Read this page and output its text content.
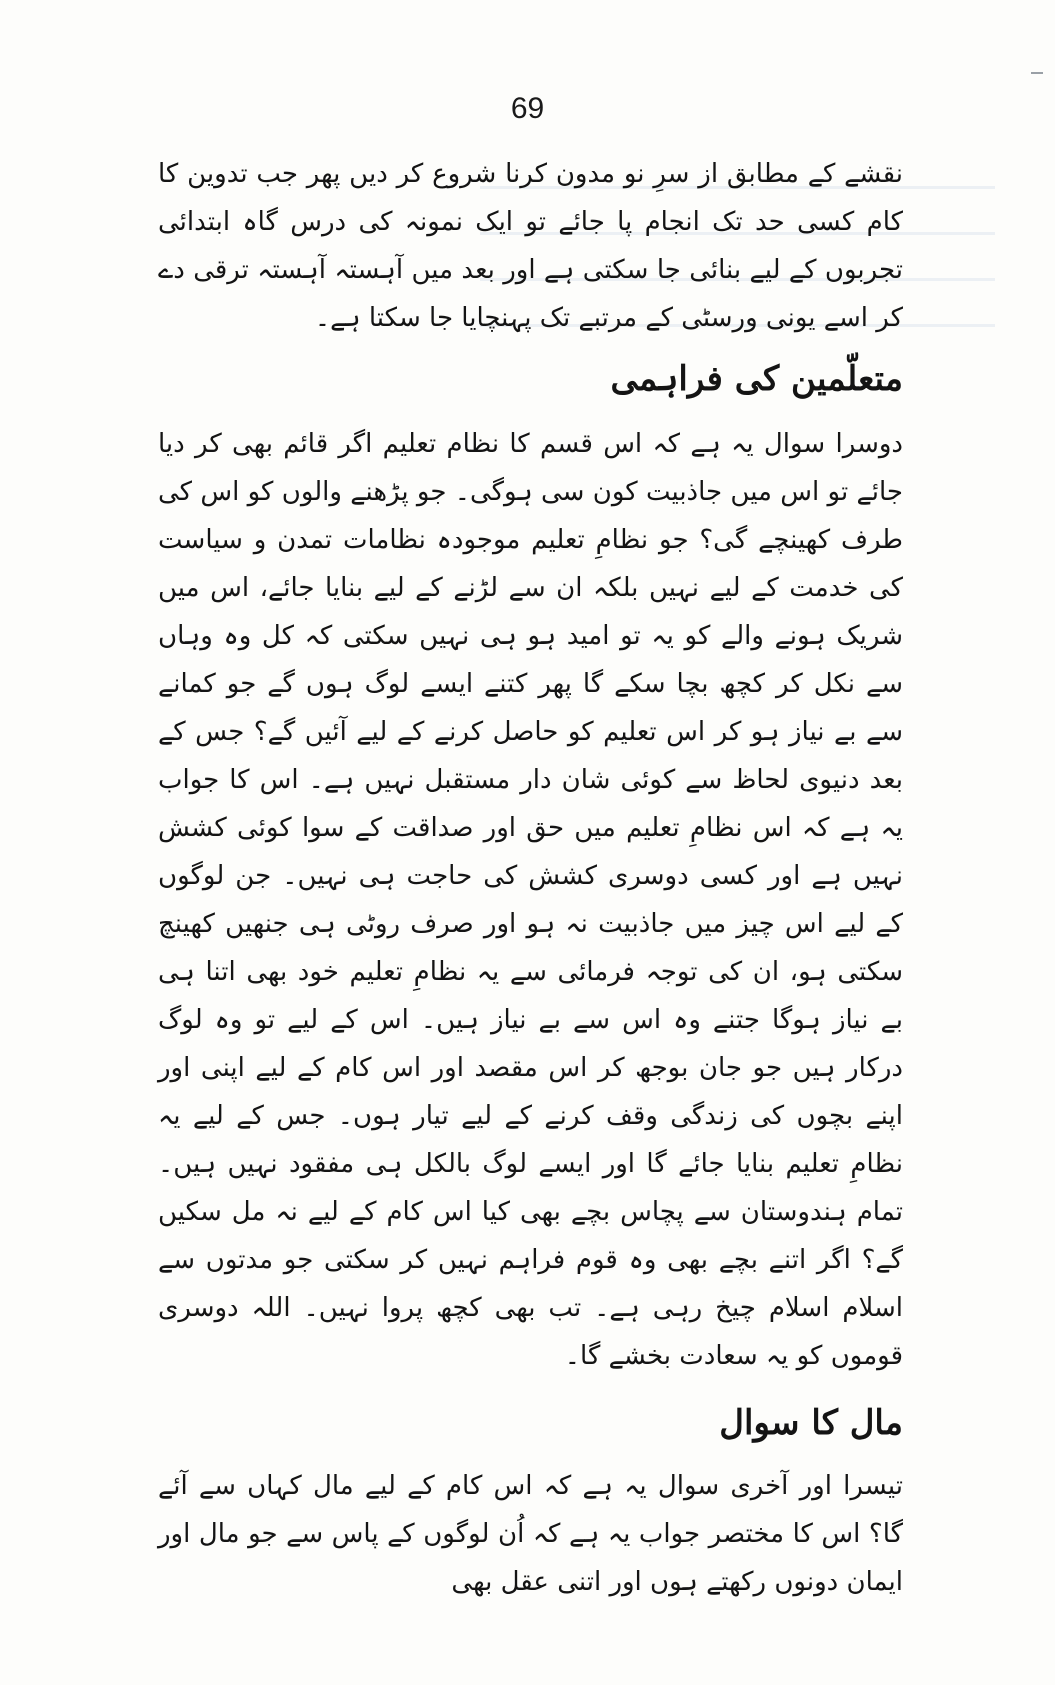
69

نقشے کے مطابق از سرِ نو مدون کرنا شروع کر دیں پھر جب تدوین کا کام کسی حد تک انجام پا جائے تو ایک نمونہ کی درس گاہ ابتدائی تجربوں کے لیے بنائی جا سکتی ہے اور بعد میں آہستہ آہستہ ترقی دے کر اسے یونی ورسٹی کے مرتبے تک پہنچایا جا سکتا ہے۔

متعلّمین کی فراہمی

دوسرا سوال یہ ہے کہ اس قسم کا نظام تعلیم اگر قائم بھی کر دیا جائے تو اس میں جاذبیت کون سی ہوگی۔ جو پڑھنے والوں کو اس کی طرف کھینچے گی؟ جو نظامِ تعلیم موجودہ نظامات تمدن و سیاست کی خدمت کے لیے نہیں بلکہ ان سے لڑنے کے لیے بنایا جائے، اس میں شریک ہونے والے کو یہ تو امید ہو ہی نہیں سکتی کہ کل وہ وہاں سے نکل کر کچھ بچا سکے گا پھر کتنے ایسے لوگ ہوں گے جو کمانے سے بے نیاز ہو کر اس تعلیم کو حاصل کرنے کے لیے آئیں گے؟ جس کے بعد دنیوی لحاظ سے کوئی شان دار مستقبل نہیں ہے۔ اس کا جواب یہ ہے کہ اس نظامِ تعلیم میں حق اور صداقت کے سوا کوئی کشش نہیں ہے اور کسی دوسری کشش کی حاجت ہی نہیں۔ جن لوگوں کے لیے اس چیز میں جاذبیت نہ ہو اور صرف روٹی ہی جنھیں کھینچ سکتی ہو، ان کی توجہ فرمائی سے یہ نظامِ تعلیم خود بھی اتنا ہی بے نیاز ہوگا جتنے وہ اس سے بے نیاز ہیں۔ اس کے لیے تو وہ لوگ درکار ہیں جو جان بوجھ کر اس مقصد اور اس کام کے لیے اپنی اور اپنے بچوں کی زندگی وقف کرنے کے لیے تیار ہوں۔ جس کے لیے یہ نظامِ تعلیم بنایا جائے گا اور ایسے لوگ بالکل ہی مفقود نہیں ہیں۔ تمام ہندوستان سے پچاس بچے بھی کیا اس کام کے لیے نہ مل سکیں گے؟ اگر اتنے بچے بھی وہ قوم فراہم نہیں کر سکتی جو مدتوں سے اسلام اسلام چیخ رہی ہے۔ تب بھی کچھ پروا نہیں۔ اللہ دوسری قوموں کو یہ سعادت بخشے گا۔

مال کا سوال

تیسرا اور آخری سوال یہ ہے کہ اس کام کے لیے مال کہاں سے آئے گا؟ اس کا مختصر جواب یہ ہے کہ اُن لوگوں کے پاس سے جو مال اور ایمان دونوں رکھتے ہوں اور اتنی عقل بھی
